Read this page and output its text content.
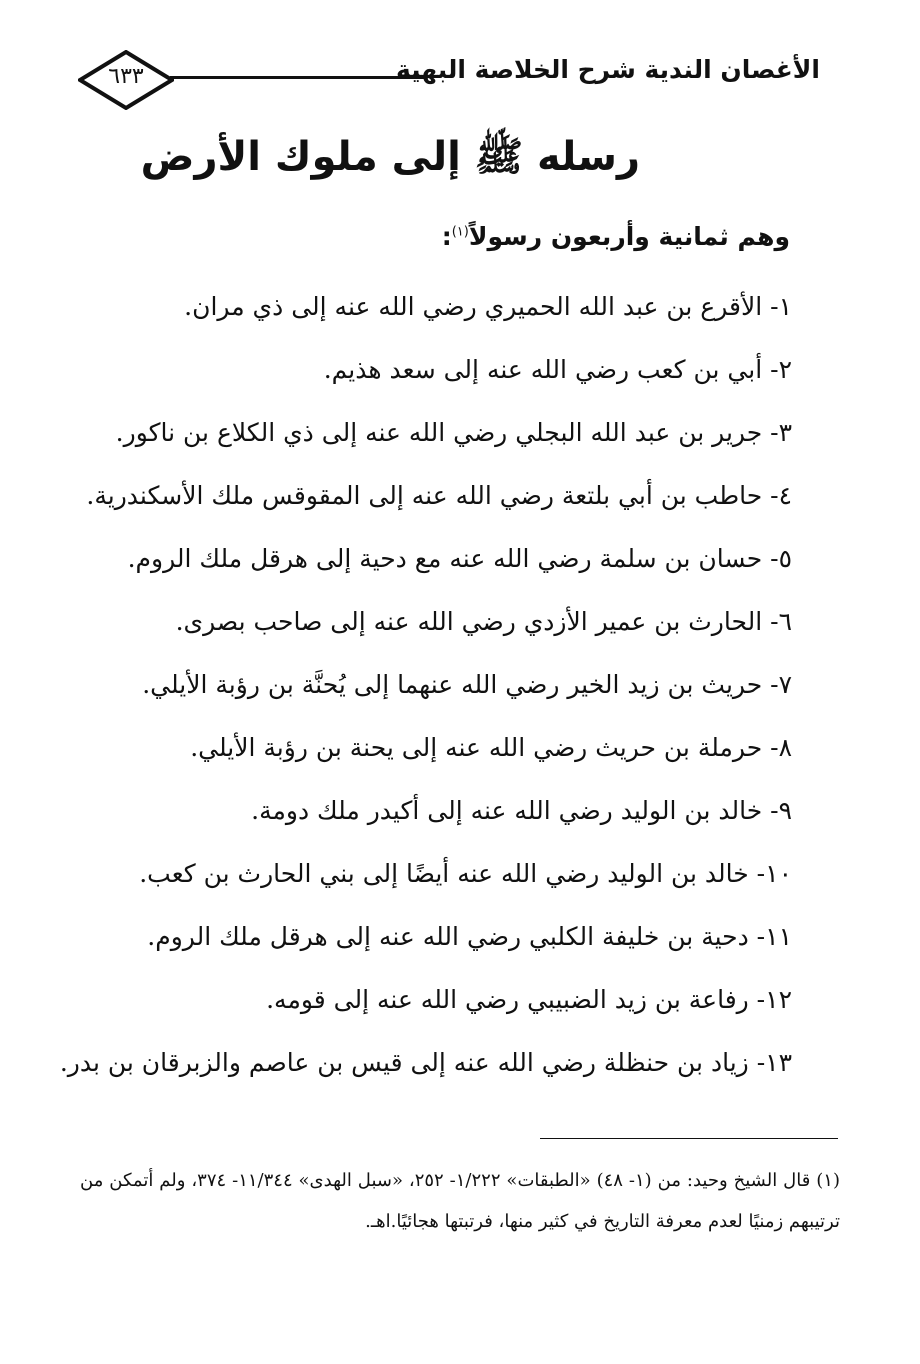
الأغصان الندية شرح الخلاصة البهية
٦٣٣
رسله ﷺ إلى ملوك الأرض
وهم ثمانية وأربعون رسولاً$^{(١)}$:
١- الأقرع بن عبد الله الحميري رضي الله عنه إلى ذي مران.
٢- أبي بن كعب رضي الله عنه إلى سعد هذيم.
٣- جرير بن عبد الله البجلي رضي الله عنه إلى ذي الكلاع بن ناكور.
٤- حاطب بن أبي بلتعة رضي الله عنه إلى المقوقس ملك الأسكندرية.
٥- حسان بن سلمة رضي الله عنه مع دحية إلى هرقل ملك الروم.
٦- الحارث بن عمير الأزدي رضي الله عنه إلى صاحب بصرى.
٧- حريث بن زيد الخير رضي الله عنهما إلى يُحنَّة بن رؤبة الأيلي.
٨- حرملة بن حريث رضي الله عنه إلى يحنة بن رؤبة الأيلي.
٩- خالد بن الوليد رضي الله عنه إلى أكيدر ملك دومة.
١٠- خالد بن الوليد رضي الله عنه أيضًا إلى بني الحارث بن كعب.
١١- دحية بن خليفة الكلبي رضي الله عنه إلى هرقل ملك الروم.
١٢- رفاعة بن زيد الضبيبي رضي الله عنه إلى قومه.
١٣- زياد بن حنظلة رضي الله عنه إلى قيس بن عاصم والزبرقان بن بدر.
(١) قال الشيخ وحيد: من (١- ٤٨) «الطبقات» ١/٢٢٢- ٢٥٢، «سبل الهدى» ١١/٣٤٤- ٣٧٤، ولم أتمكن من ترتيبهم زمنيًا لعدم معرفة التاريخ في كثير منها، فرتبتها هجائيًا.اهـ.
